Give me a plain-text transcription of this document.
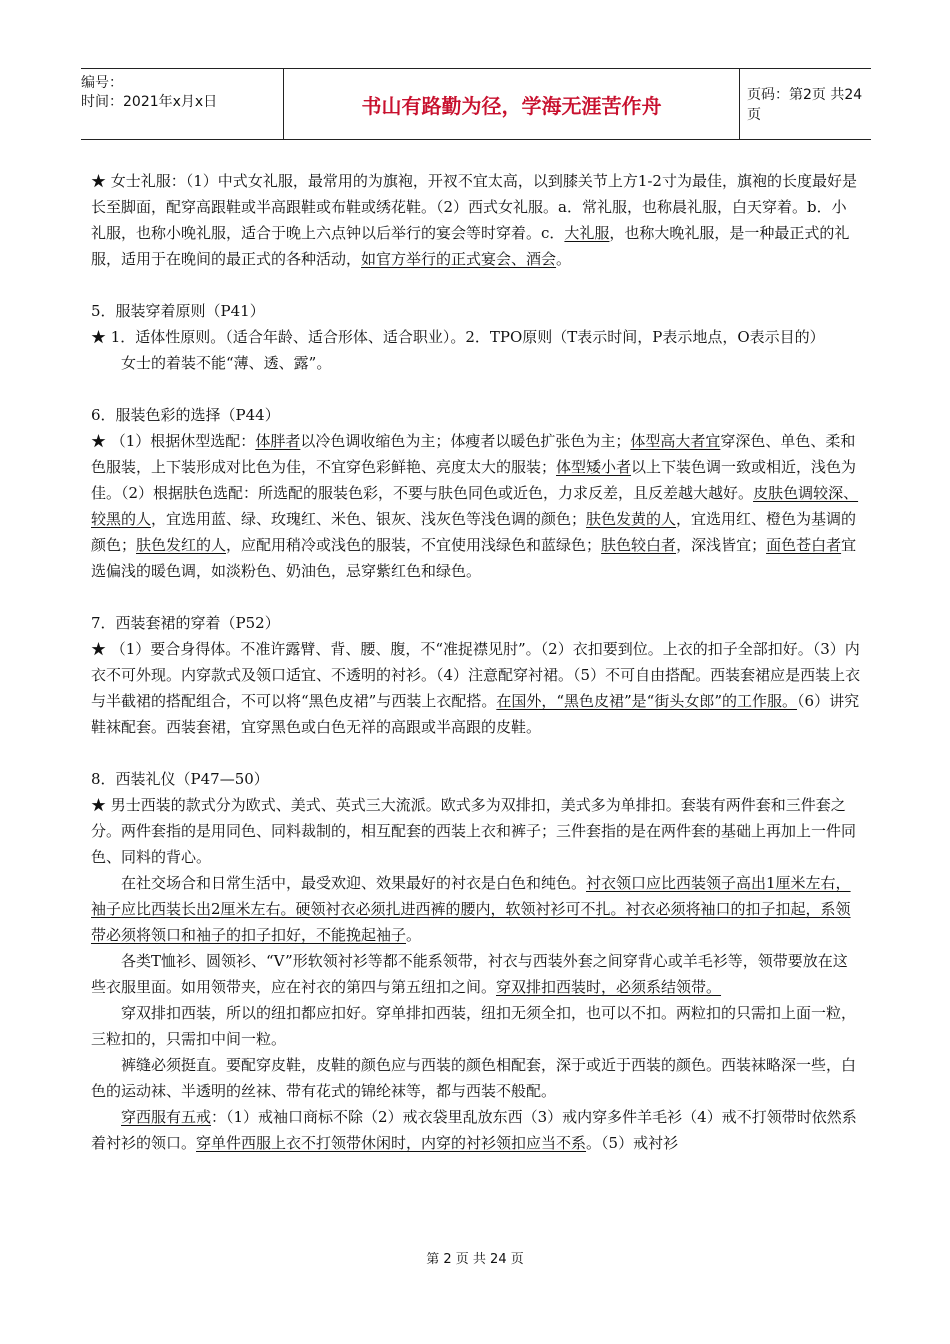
编号：
时间：2021年x月x日	书山有路勤为径，学海无涯苦作舟	页码：第2页 共24页

★ 女士礼服：（1）中式女礼服，最常用的为旗袍，开衩不宜太高，以到膝关节上方1-2寸为最佳，旗袍的长度最好是长至脚面，配穿高跟鞋或半高跟鞋或布鞋或绣花鞋。（2）西式女礼服。a．常礼服，也称晨礼服，白天穿着。b．小礼服，也称小晚礼服，适合于晚上六点钟以后举行的宴会等时穿着。c．大礼服，也称大晚礼服，是一种最正式的礼服，适用于在晚间的最正式的各种活动，如官方举行的正式宴会、酒会。

5．服装穿着原则（P41）

★ 1．适体性原则。（适合年龄、适合形体、适合职业）。2．TPO原则（T表示时间，P表示地点，O表示目的）

女士的着装不能“薄、透、露”。

6．服装色彩的选择（P44）

★ （1）根据休型选配：体胖者以冷色调收缩色为主；体瘦者以暖色扩张色为主；体型高大者宜穿深色、单色、柔和色服装，上下装形成对比色为佳，不宜穿色彩鲜艳、亮度太大的服装；体型矮小者以上下装色调一致或相近，浅色为佳。（2）根据肤色选配：所选配的服装色彩，不要与肤色同色或近色，力求反差，且反差越大越好。皮肤色调较深、较黑的人，宜选用蓝、绿、玫瑰红、米色、银灰、浅灰色等浅色调的颜色；肤色发黄的人，宜选用红、橙色为基调的颜色；肤色发红的人，应配用稍冷或浅色的服装，不宜使用浅绿色和蓝绿色；肤色较白者，深浅皆宜；面色苍白者宜选偏浅的暖色调，如淡粉色、奶油色，忌穿紫红色和绿色。

7．西装套裙的穿着（P52）

★ （1）要合身得体。不准许露臂、背、腰、腹，不“准捉襟见肘”。（2）衣扣要到位。上衣的扣子全部扣好。（3）内衣不可外现。内穿款式及领口适宜、不透明的衬衫。（4）注意配穿衬裙。（5）不可自由搭配。西装套裙应是西装上衣与半截裙的搭配组合，不可以将“黑色皮裙”与西装上衣配搭。在国外，“黑色皮裙”是“街头女郎”的工作服。（6）讲究鞋袜配套。西装套裙，宜穿黑色或白色无祥的高跟或半高跟的皮鞋。

8．西装礼仪（P47—50）

★ 男士西装的款式分为欧式、美式、英式三大流派。欧式多为双排扣，美式多为单排扣。套装有两件套和三件套之分。两件套指的是用同色、同料裁制的，相互配套的西装上衣和裤子；三件套指的是在两件套的基础上再加上一件同色、同料的背心。

在社交场合和日常生活中，最受欢迎、效果最好的衬衣是白色和纯色。衬衣领口应比西装领子高出1厘米左右，袖子应比西装长出2厘米左右。硬领衬衣必须扎进西裤的腰内，软领衬衫可不扎。衬衣必须将袖口的扣子扣起，系领带必须将领口和袖子的扣子扣好，不能挽起袖子。

各类T恤衫、圆领衫、“V”形软领衬衫等都不能系领带，衬衣与西装外套之间穿背心或羊毛衫等，领带要放在这些衣服里面。如用领带夹，应在衬衣的第四与第五纽扣之间。穿双排扣西装时，必须系结领带。

穿双排扣西装，所以的纽扣都应扣好。穿单排扣西装，纽扣无须全扣，也可以不扣。两粒扣的只需扣上面一粒，三粒扣的，只需扣中间一粒。

裤缝必须挺直。要配穿皮鞋，皮鞋的颜色应与西装的颜色相配套，深于或近于西装的颜色。西装袜略深一些，白色的运动袜、半透明的丝袜、带有花式的锦纶袜等，都与西装不般配。

穿西服有五戒：（1）戒袖口商标不除（2）戒衣袋里乱放东西（3）戒内穿多件羊毛衫（4）戒不打领带时依然系着衬衫的领口。穿单件西服上衣不打领带休闲时，内穿的衬衫领扣应当不系。（5）戒衬衫

第 2 页 共 24 页
